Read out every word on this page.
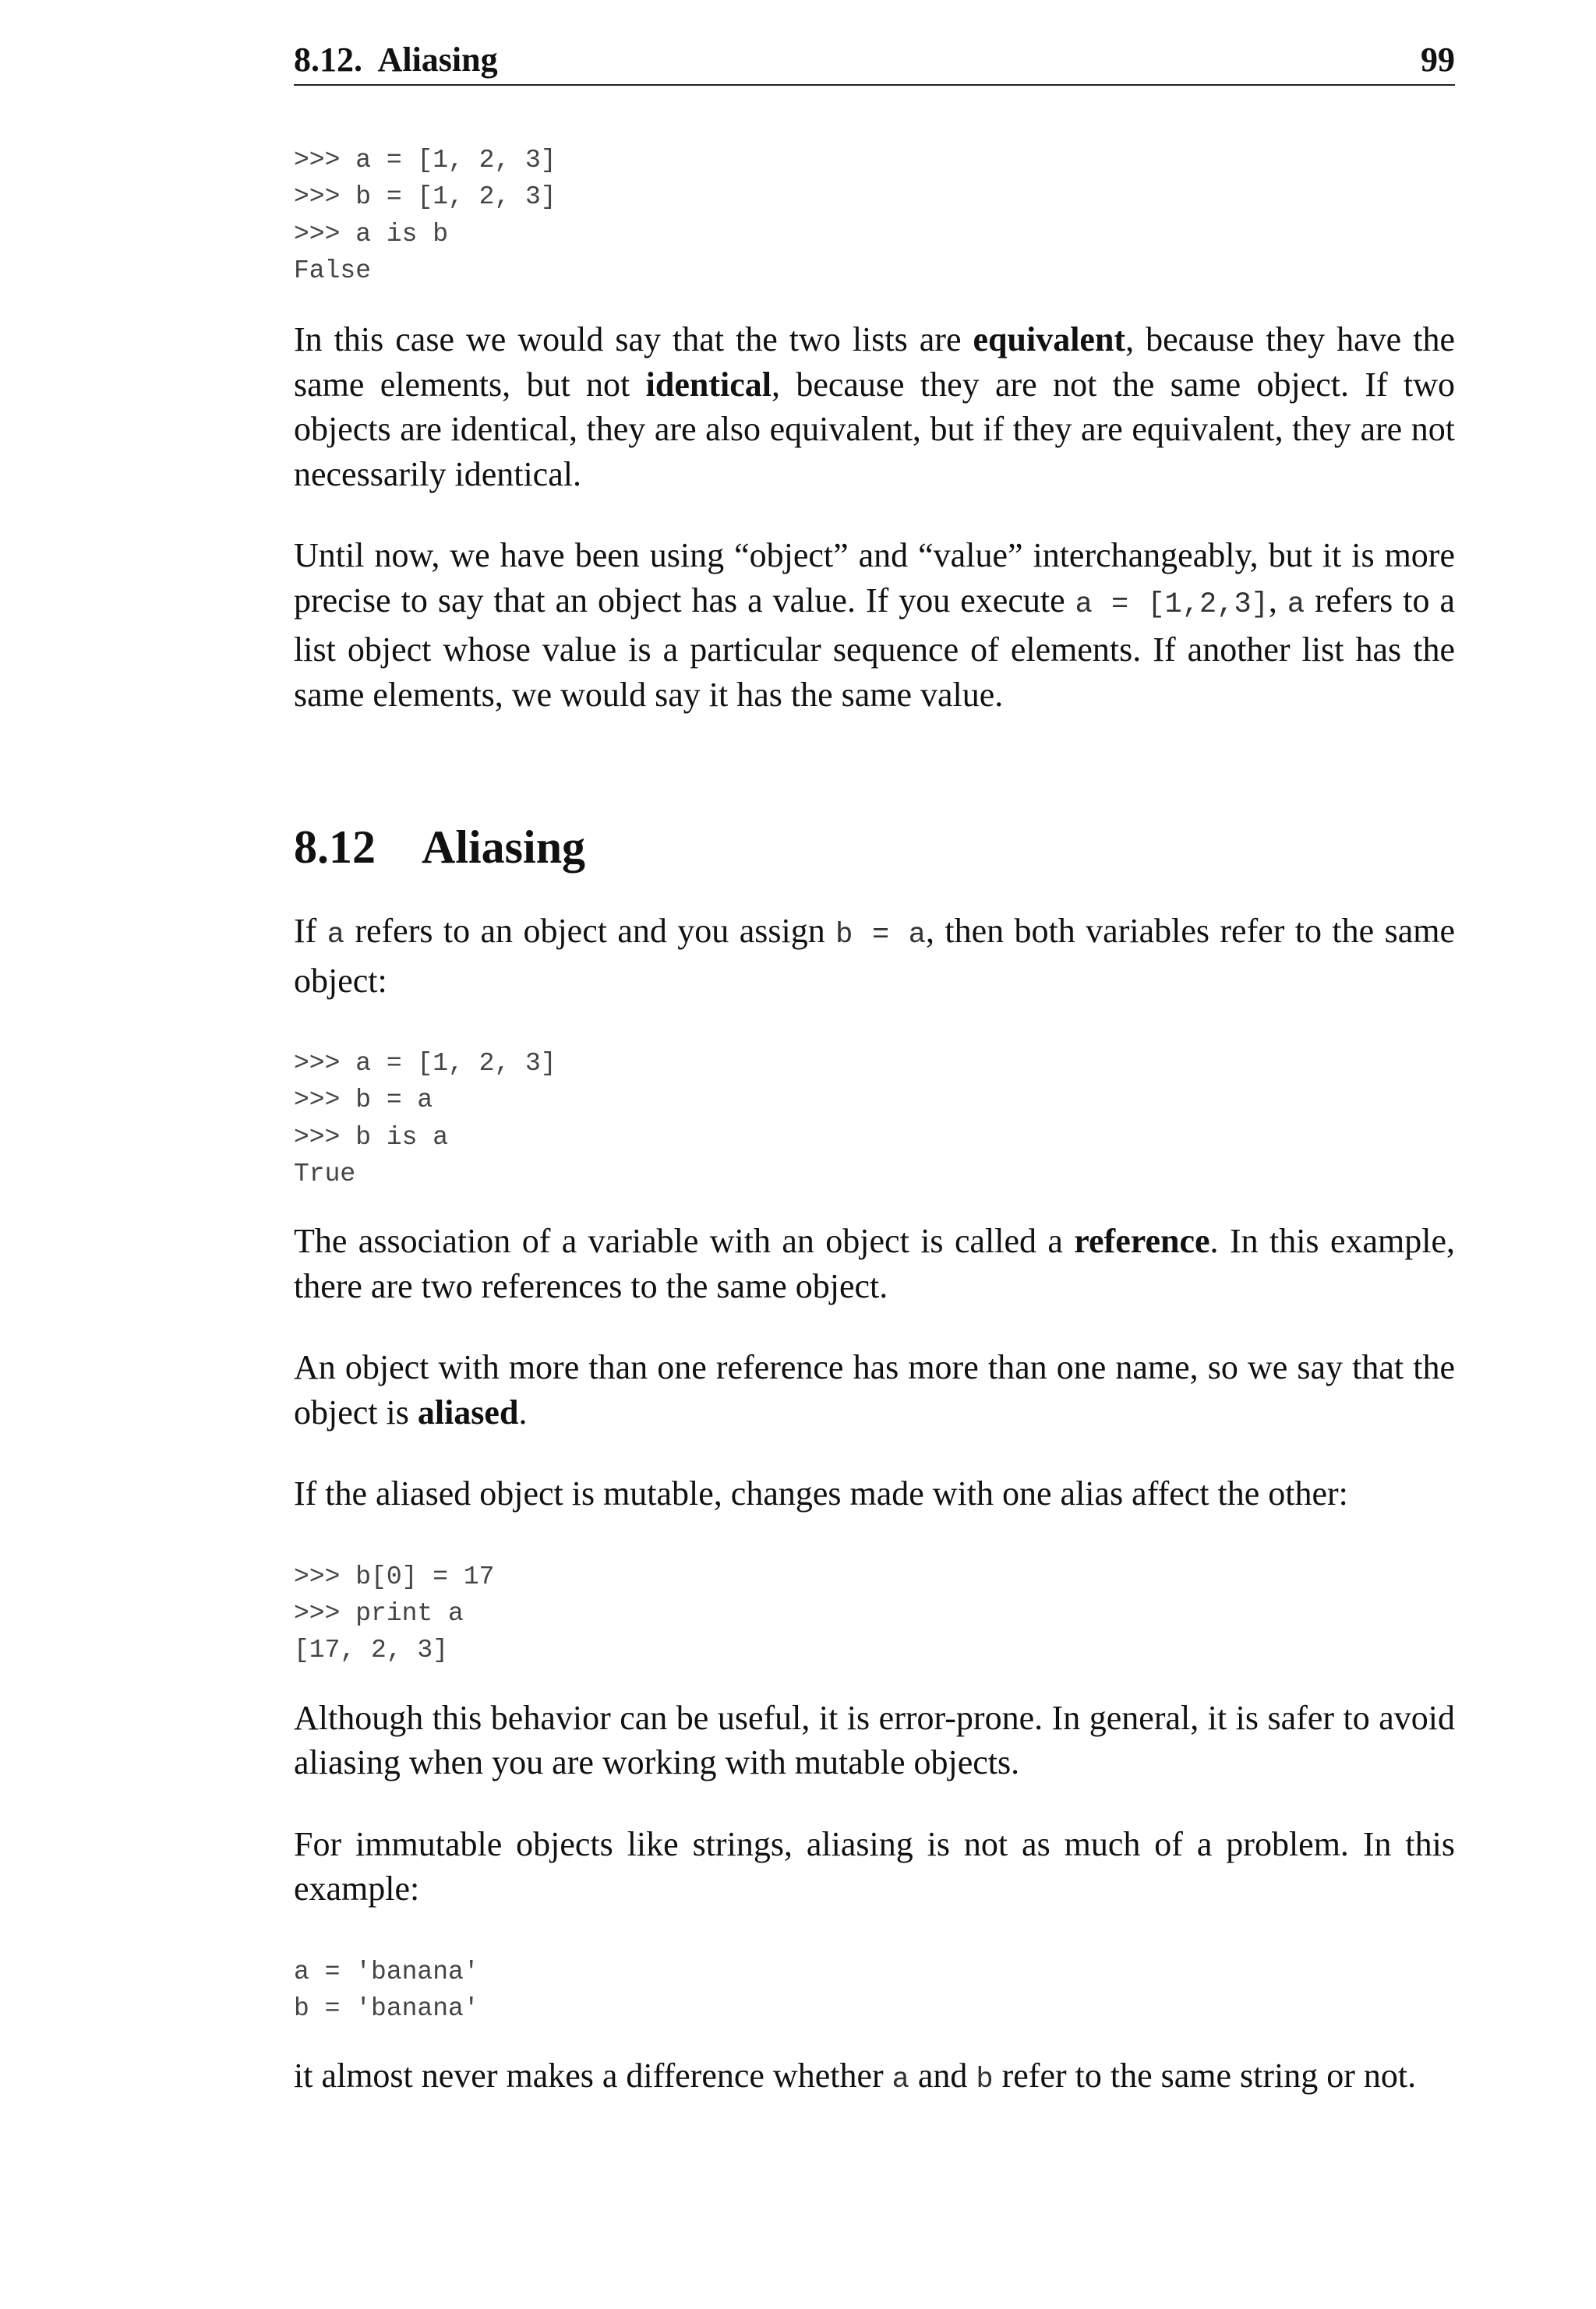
8.12.  Aliasing	99
>>> a = [1, 2, 3]
>>> b = [1, 2, 3]
>>> a is b
False

In this case we would say that the two lists are equivalent, because they have the same elements, but not identical, because they are not the same object. If two objects are identical, they are also equivalent, but if they are equivalent, they are not necessarily identical.

Until now, we have been using “object” and “value” interchangeably, but it is more precise to say that an object has a value. If you execute a = [1,2,3], a refers to a list object whose value is a particular sequence of elements. If another list has the same elements, we would say it has the same value.

8.12 Aliasing

If a refers to an object and you assign b = a, then both variables refer to the same object:

>>> a = [1, 2, 3]
>>> b = a
>>> b is a
True

The association of a variable with an object is called a reference. In this example, there are two references to the same object.

An object with more than one reference has more than one name, so we say that the object is aliased.

If the aliased object is mutable, changes made with one alias affect the other:

>>> b[0] = 17
>>> print a
[17, 2, 3]

Although this behavior can be useful, it is error-prone. In general, it is safer to avoid aliasing when you are working with mutable objects.

For immutable objects like strings, aliasing is not as much of a problem. In this example:

a = 'banana'
b = 'banana'

it almost never makes a difference whether a and b refer to the same string or not.
